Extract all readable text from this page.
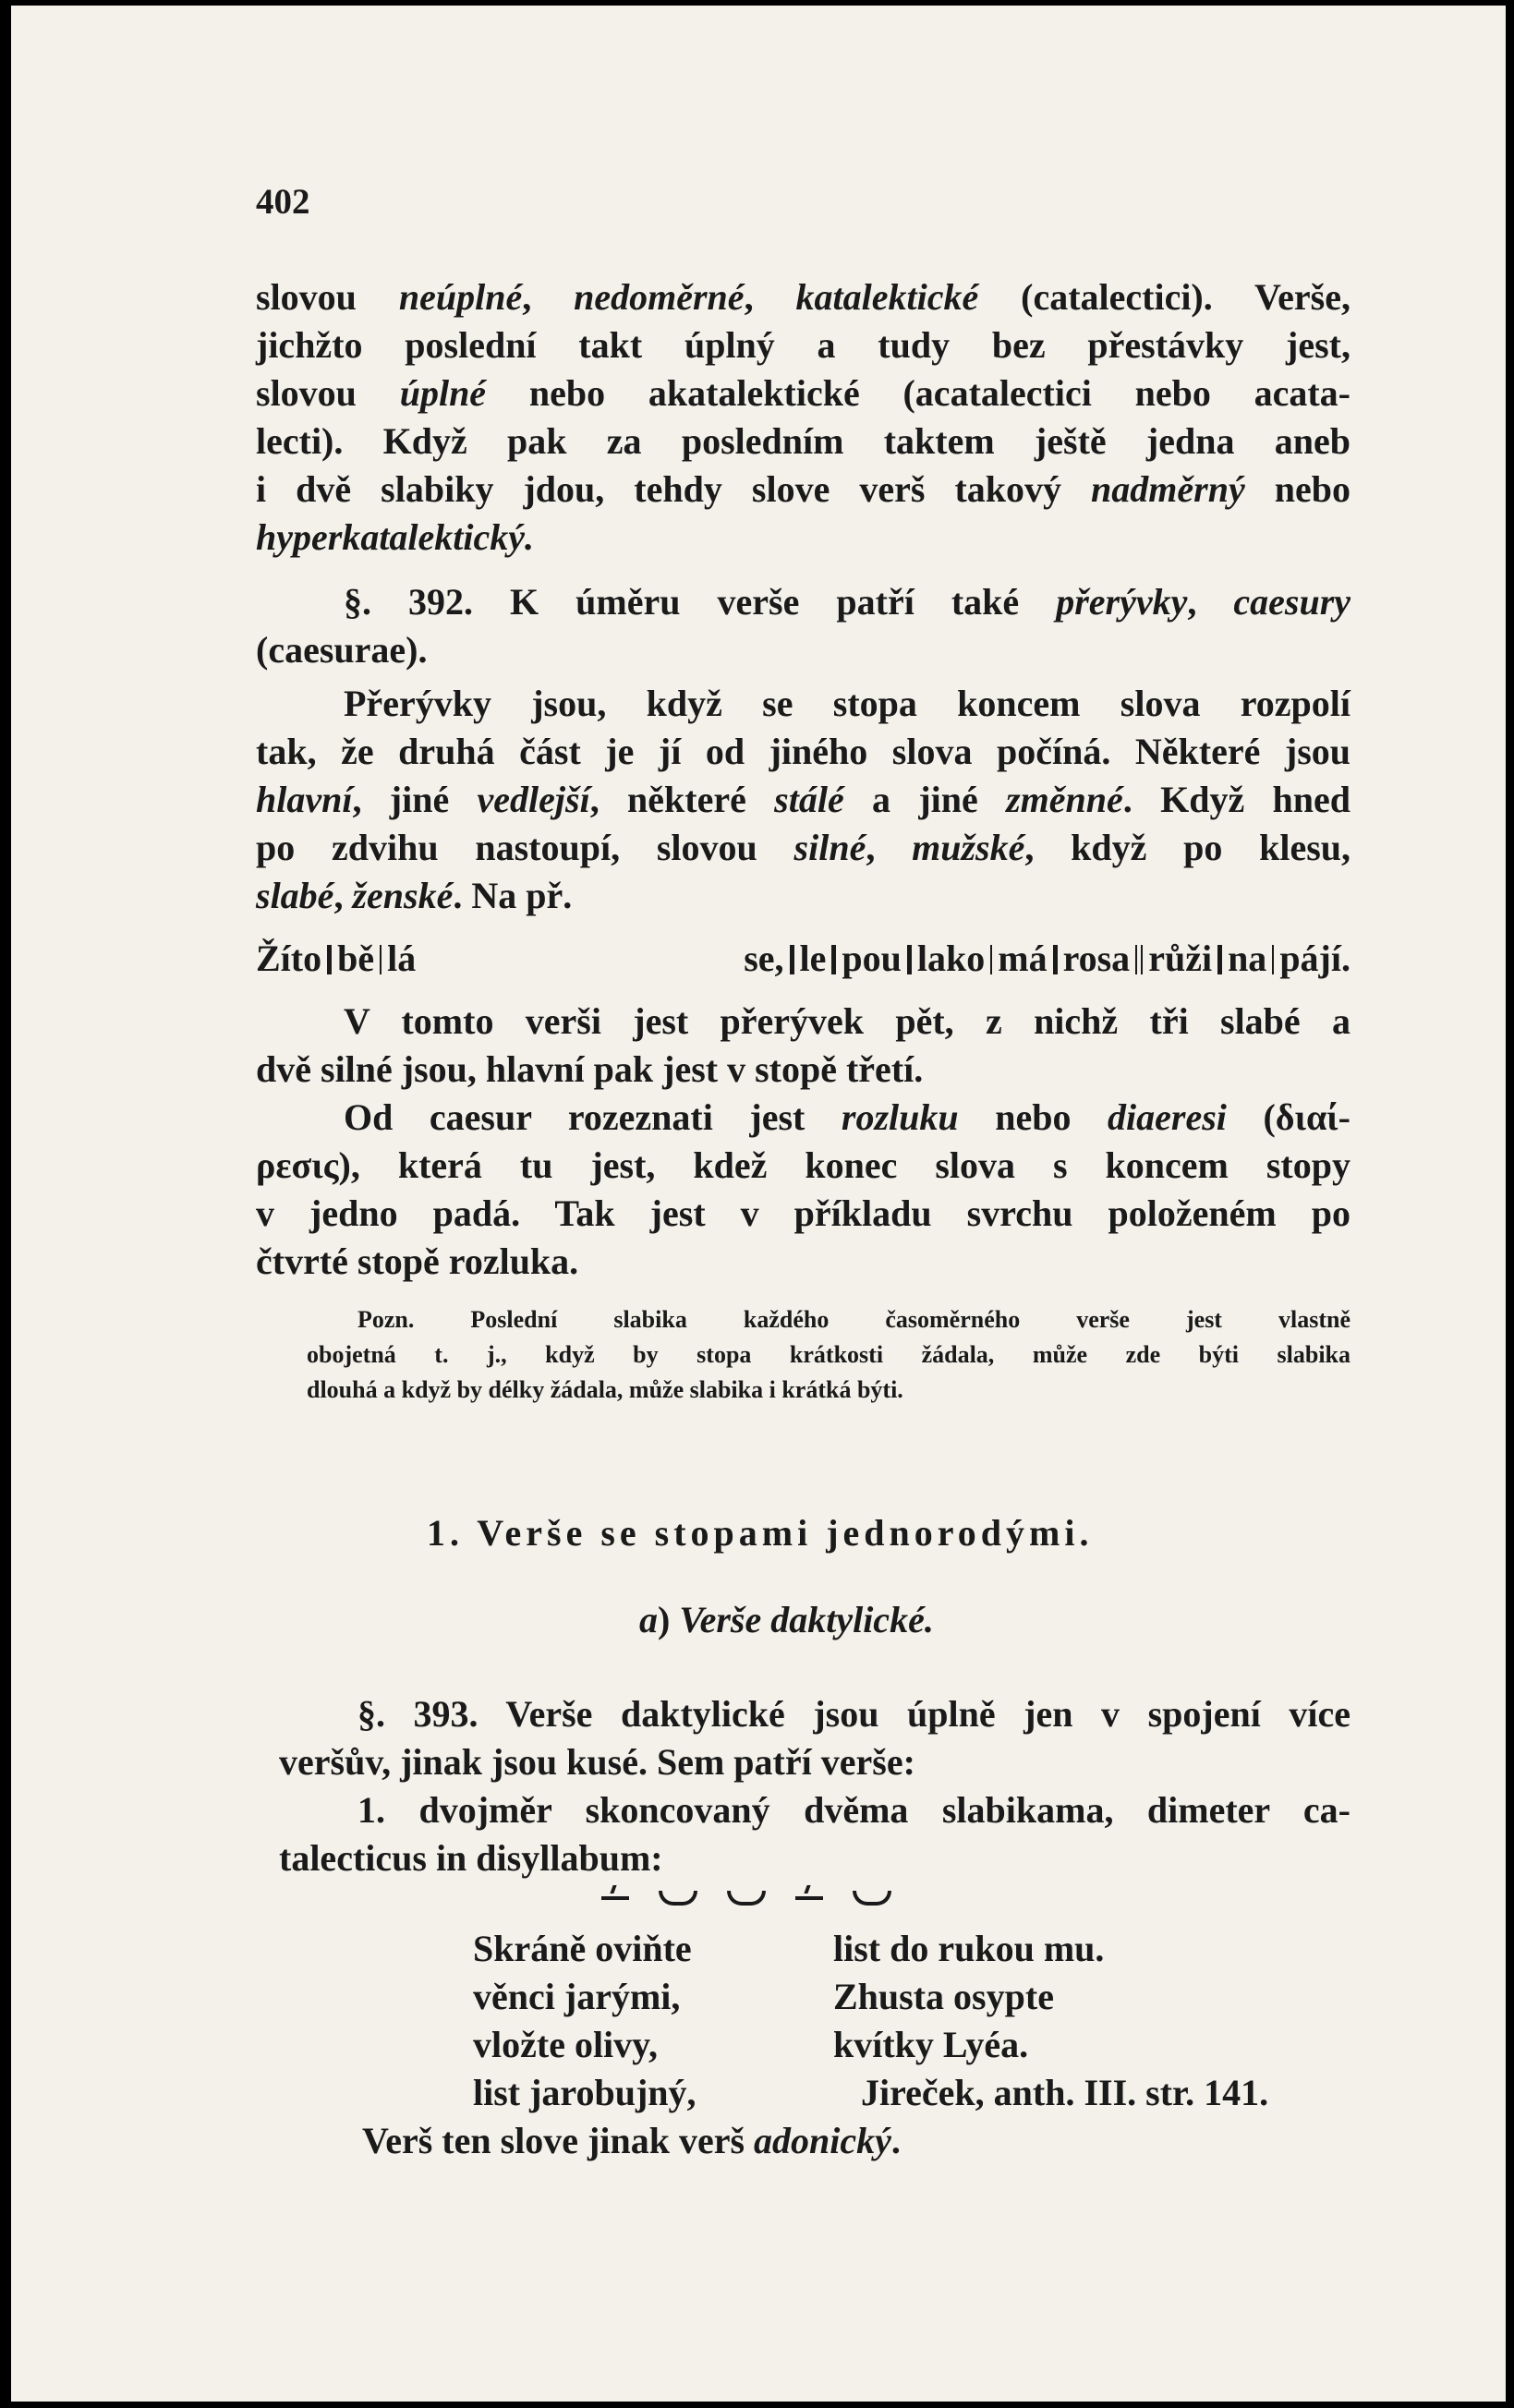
402
slovou neúplné, nedoměrné, katalektické (catalectici). Verše,
jichžto poslední takt úplný a tudy bez přestávky jest,
slovou úplné nebo akatalektické (acatalectici nebo acata-
lecti). Když pak za posledním taktem ještě jedna aneb
i dvě slabiky jdou, tehdy slove verš takový nadměrný nebo
hyperkatalektický.
§. 392. K úměru verše patří také přerývky, caesury
(caesurae).
Přerývky jsou, když se stopa koncem slova rozpolí
tak, že druhá část je jí od jiného slova počíná. Některé jsou
hlavní, jiné vedlejší, některé stálé a jiné změnné. Když hned
po zdvihu nastoupí, slovou silné, mužské, když po klesu,
slabé, ženské. Na př.
Žíto bě lá se, le pou lako má rosa růži na pájí.
V tomto verši jest přerývek pět, z nichž tři slabé a
dvě silné jsou, hlavní pak jest v stopě třetí.
Od caesur rozeznati jest rozluku nebo diaeresi (διαί-
ρεσις), která tu jest, kdež konec slova s koncem stopy
v jedno padá. Tak jest v příkladu svrchu položeném po
čtvrté stopě rozluka.
Pozn. Poslední slabika každého časoměrného verše jest vlastně
obojetná t. j., když by stopa krátkosti žádala, může zde býti slabika
dlouhá a když by délky žádala, může slabika i krátká býti.
1. Verše se stopami jednorodými.
a) Verše daktylické.
§. 393. Verše daktylické jsou úplně jen v spojení více
veršův, jinak jsou kusé. Sem patří verše:
1. dvojměr skoncovaný dvěma slabikama, dimeter ca-
talecticus in disyllabum:

Skráně oviňte	list do rukou mu.
věnci jarými,	Zhusta osypte
vložte olivy,	kvítky Lyéa.
list jarobujný,	Jireček, anth. III. str. 141.
Verš ten slove jinak verš adonický.
